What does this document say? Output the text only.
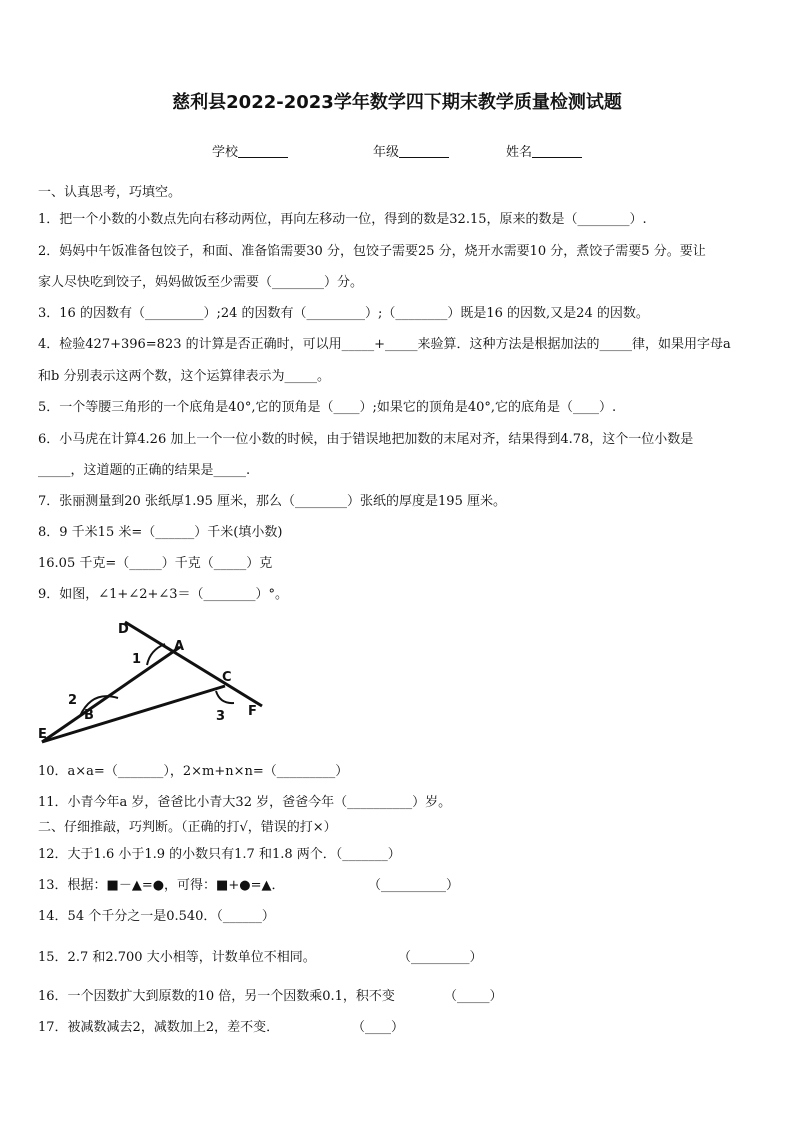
慈利县2022-2023学年数学四下期末教学质量检测试题
学校	年级	姓名
一、认真思考，巧填空。
1．把一个小数的小数点先向右移动两位，再向左移动一位，得到的数是32.15，原来的数是（________）.
2．妈妈中午饭准备包饺子，和面、准备馅需要30 分，包饺子需要25 分，烧开水需要10 分，煮饺子需要5 分。要让
家人尽快吃到饺子，妈妈做饭至少需要（________）分。
3．16 的因数有（_________）;24 的因数有（_________）;（________）既是16 的因数,又是24 的因数。
4．检验427+396=823 的计算是否正确时，可以用_____+_____来验算．这种方法是根据加法的_____律，如果用字母a
和b 分别表示这两个数，这个运算律表示为_____。
5．一个等腰三角形的一个底角是40°,它的顶角是（____）;如果它的顶角是40°,它的底角是（____）.
6．小马虎在计算4.26 加上一个一位小数的时候，由于错误地把加数的末尾对齐，结果得到4.78，这个一位小数是
_____，这道题的正确的结果是_____.
7．张丽测量到20 张纸厚1.95 厘米，那么（________）张纸的厚度是195 厘米。
8．9 千米15 米=（______）千米(填小数)
16.05 千克=（_____）千克（_____）克
9．如图，∠1+∠2+∠3＝（________）°。
D
A
1
C
2
B	3
E
F
10．a×a=（_______），2×m+n×n=（_________）
11．小青今年a 岁，爸爸比小青大32 岁，爸爸今年（__________）岁。
二、仔细推敲，巧判断。（正确的打√，错误的打×）
12．大于1.6 小于1.9 的小数只有1.7 和1.8 两个．（_______）
13．根据：■－▲=●，可得：■+●=▲．	（__________）
14．54 个千分之一是0.540．（______）
15．2.7 和2.700 大小相等，计数单位不相同。	（_________）
16．一个因数扩大到原数的10 倍，另一个因数乘0.1，积不变	（_____）
17．被减数减去2，减数加上2，差不变．	（____）
